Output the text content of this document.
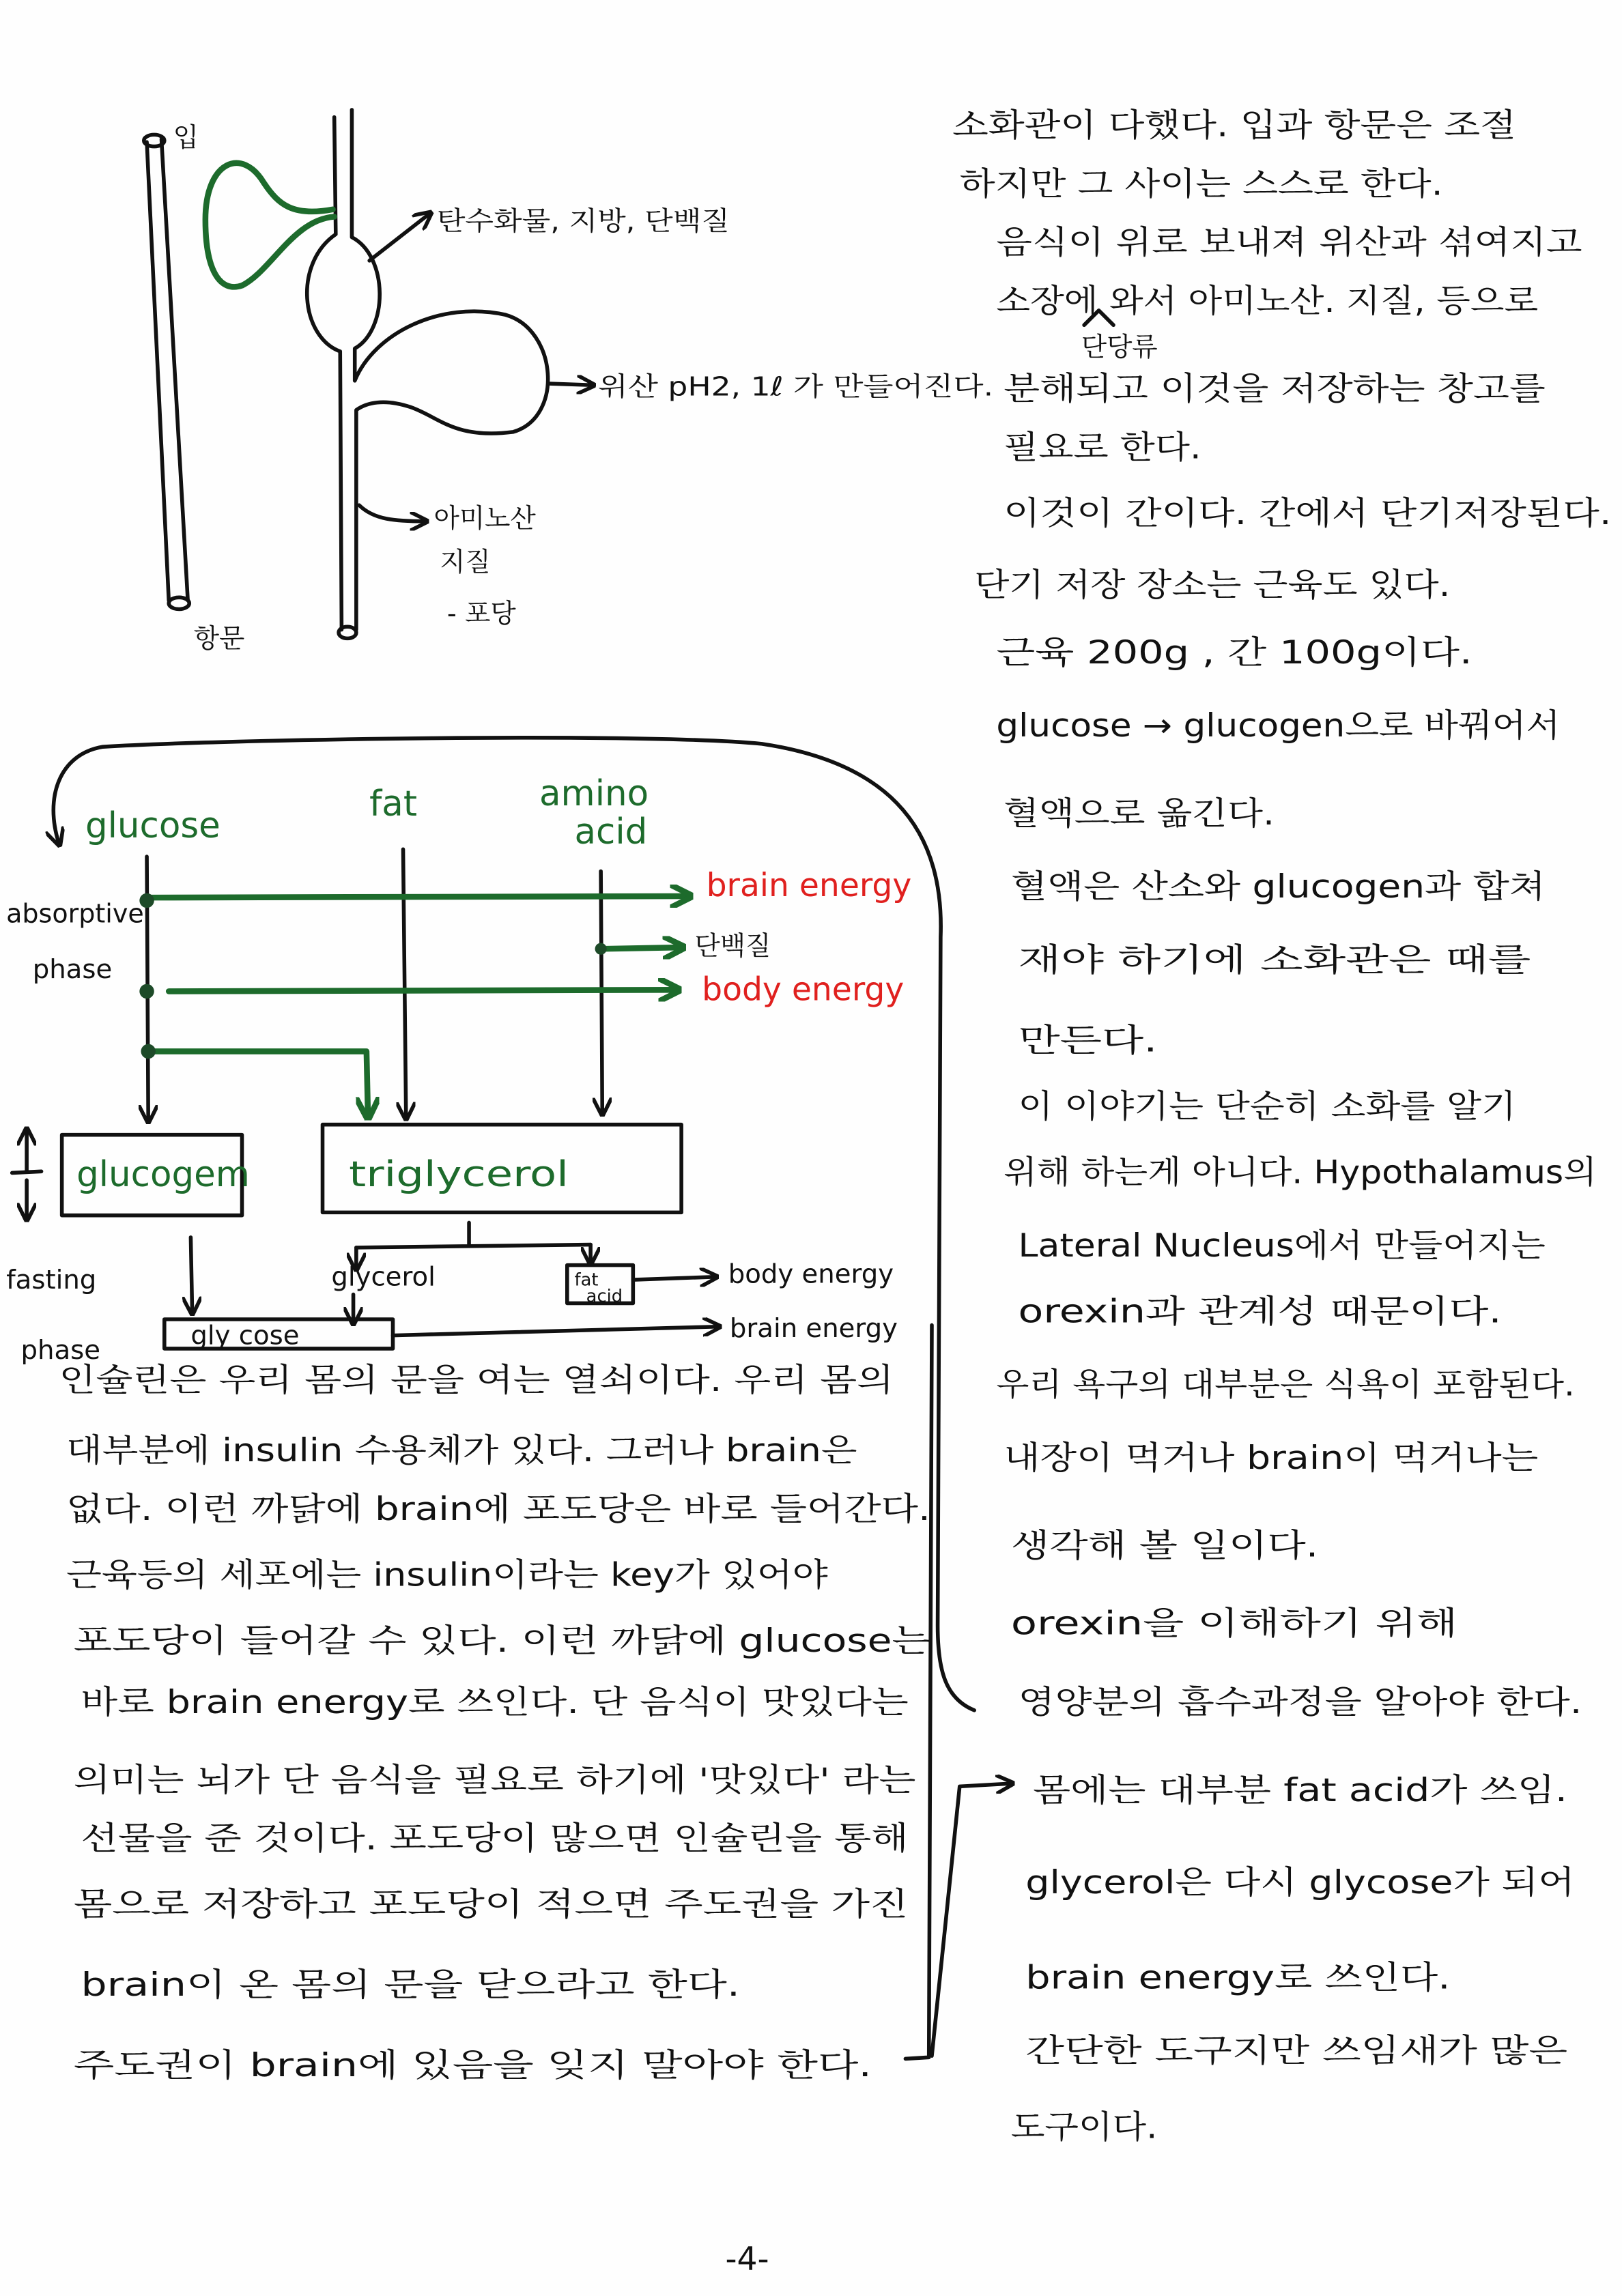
입
항문
탄수화물, 지방, 단백질
위산 pH2, 1ℓ 가 만들어진다.
아미노산
지질
- 포당
glucose
fat	amino
acid
brain energy
단백질
body energy
absorptive
phase
fasting
phase
glucogem	triglycerol
glycerol	fat
acid
body energy
gly cose	brain energy
소화관이 다했다. 입과 항문은 조절
하지만 그 사이는 스스로 한다.
음식이 위로 보내져 위산과 섞여지고
소장에 와서 아미노산. 지질, 등으로
단당류
분해되고 이것을 저장하는 창고를
필요로 한다.
이것이 간이다. 간에서 단기저장된다.
단기 저장 장소는 근육도 있다.
근육 200g , 간 100g이다.
glucose → glucogen으로 바꿔어서
혈액으로 옮긴다.
혈액은 산소와 glucogen과 합쳐
재야 하기에 소화관은 때를
만든다.
이 이야기는 단순히 소화를 알기
위해 하는게 아니다. Hypothalamus의
Lateral Nucleus에서 만들어지는
orexin과 관계성 때문이다.
우리 욕구의 대부분은 식욕이 포함된다.
내장이 먹거나 brain이 먹거나는
생각해 볼 일이다.
orexin을 이해하기 위해
영양분의 흡수과정을 알아야 한다.
몸에는 대부분 fat acid가 쓰임.
glycerol은 다시 glycose가 되어
brain energy로 쓰인다.
간단한 도구지만 쓰임새가 많은
도구이다.
인슐린은 우리 몸의 문을 여는 열쇠이다. 우리 몸의
대부분에 insulin 수용체가 있다. 그러나 brain은
없다. 이런 까닭에 brain에 포도당은 바로 들어간다.
근육등의 세포에는 insulin이라는 key가 있어야
포도당이 들어갈 수 있다. 이런 까닭에 glucose는
바로 brain energy로 쓰인다. 단 음식이 맛있다는
의미는 뇌가 단 음식을 필요로 하기에 '맛있다' 라는
선물을 준 것이다. 포도당이 많으면 인슐린을 통해
몸으로 저장하고 포도당이 적으면 주도권을 가진
brain이 온 몸의 문을 닫으라고 한다.
주도권이 brain에 있음을 잊지 말아야 한다.
-4-
